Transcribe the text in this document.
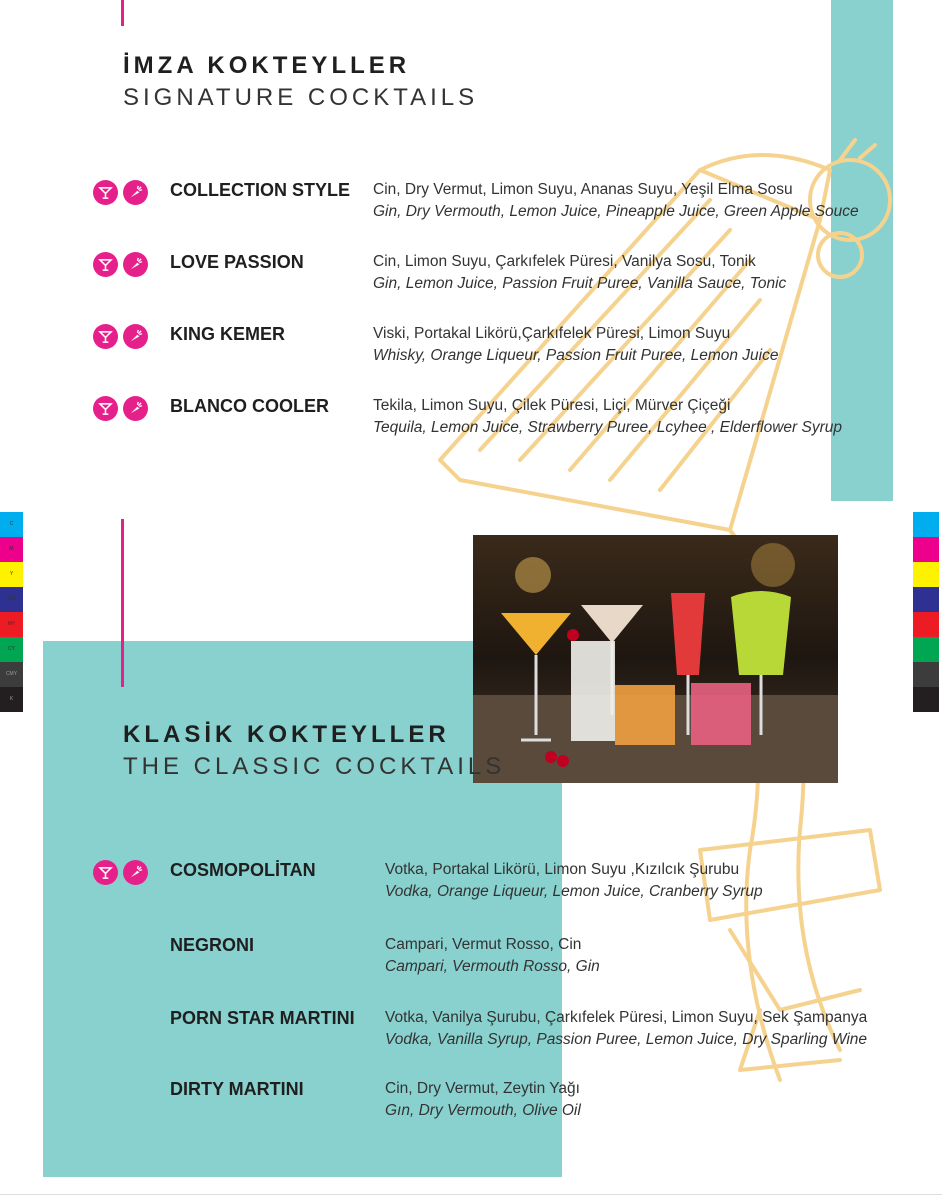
İMZA KOKTEYLLER
SIGNATURE COCKTAILS
COLLECTION STYLE Cin, Dry Vermut, Limon Suyu, Ananas Suyu, Yeşil Elma Sosu
Gin, Dry Vermouth, Lemon Juice, Pineapple Juice, Green Apple Souce
LOVE PASSION	Cin, Limon Suyu, Çarkıfelek Püresi, Vanilya Sosu, Tonik
Gin, Lemon Juice, Passion Fruit Puree, Vanilla Sauce, Tonic
KING KEMER	Viski, Portakal Likörü,Çarkıfelek Püresi, Limon Suyu
Whisky, Orange Liqueur, Passion Fruit Puree, Lemon Juice
BLANCO COOLER	Tekila, Limon Suyu, Çilek Püresi, Liçi, Mürver Çiçeği
Tequila, Lemon Juice, Strawberry Puree, Lcyhee , Elderflower Syrup
C
M
Y
CM
MY
CY
CMY
K
KLASİK KOKTEYLLER
THE CLASSIC COCKTAILS
COSMOPOLİTAN	Votka, Portakal Likörü, Limon Suyu ,Kızılcık Şurubu
Vodka, Orange Liqueur, Lemon Juice, Cranberry Syrup
NEGRONI	Campari, Vermut Rosso, Cin
Campari, Vermouth Rosso, Gin
PORN STAR MARTINI Votka, Vanilya Şurubu, Çarkıfelek Püresi, Limon Suyu, Sek Şampanya
Vodka, Vanilla Syrup, Passion Puree, Lemon Juice, Dry Sparling Wine
DIRTY MARTINI	Cin, Dry Vermut, Zeytin Yağı
Gın, Dry Vermouth, Olive Oil
